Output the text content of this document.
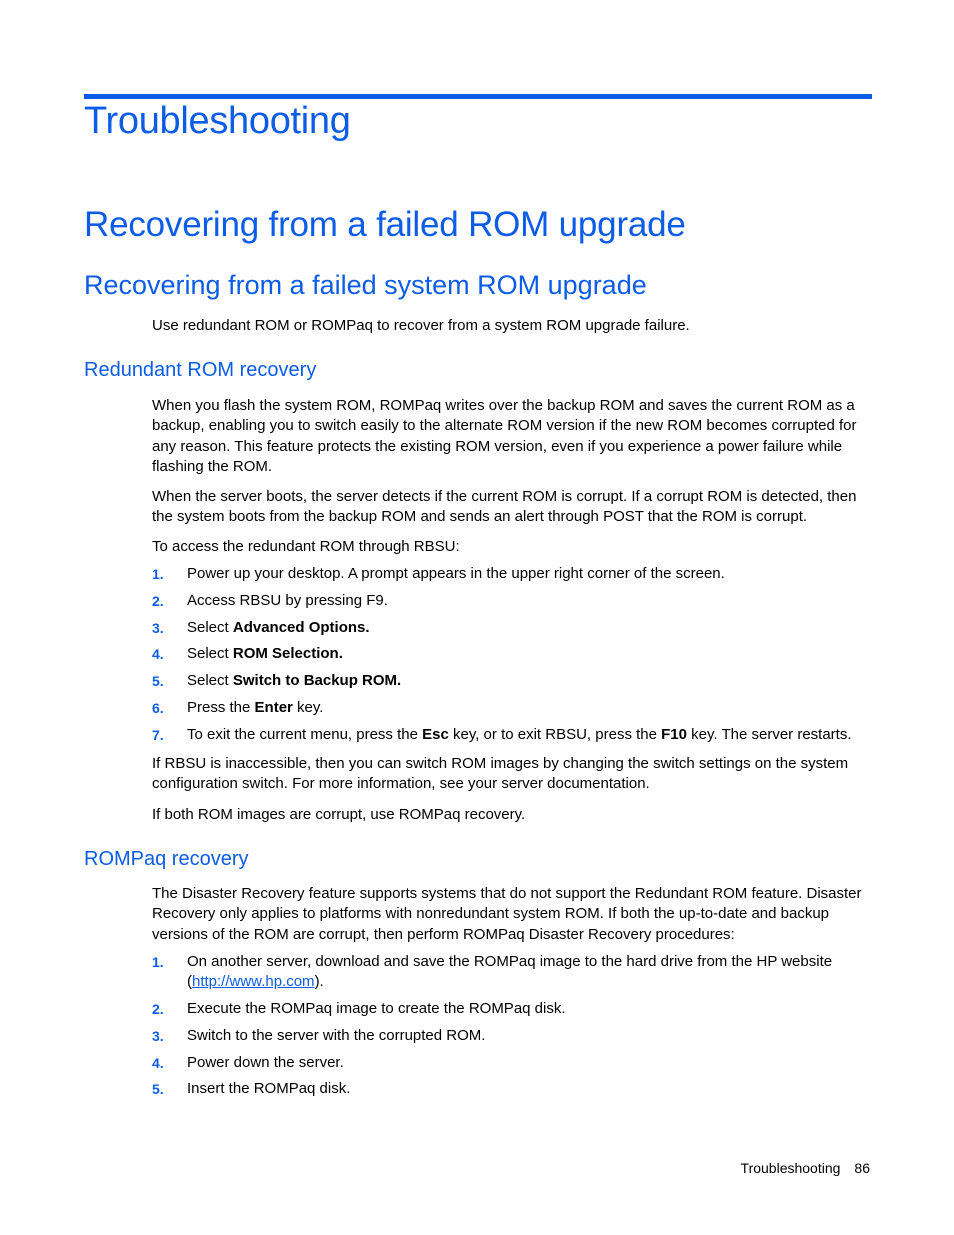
Troubleshooting
Recovering from a failed ROM upgrade
Recovering from a failed system ROM upgrade

Use redundant ROM or ROMPaq to recover from a system ROM upgrade failure.

Redundant ROM recovery

When you flash the system ROM, ROMPaq writes over the backup ROM and saves the current ROM as a backup, enabling you to switch easily to the alternate ROM version if the new ROM becomes corrupted for any reason. This feature protects the existing ROM version, even if you experience a power failure while flashing the ROM.

When the server boots, the server detects if the current ROM is corrupt. If a corrupt ROM is detected, then the system boots from the backup ROM and sends an alert through POST that the ROM is corrupt.

To access the redundant ROM through RBSU:

1. Power up your desktop. A prompt appears in the upper right corner of the screen.
2. Access RBSU by pressing F9.
3. Select Advanced Options.
4. Select ROM Selection.
5. Select Switch to Backup ROM.
6. Press the Enter key.
7. To exit the current menu, press the Esc key, or to exit RBSU, press the F10 key. The server restarts.

If RBSU is inaccessible, then you can switch ROM images by changing the switch settings on the system configuration switch. For more information, see your server documentation.

If both ROM images are corrupt, use ROMPaq recovery.

ROMPaq recovery

The Disaster Recovery feature supports systems that do not support the Redundant ROM feature. Disaster Recovery only applies to platforms with nonredundant system ROM. If both the up-to-date and backup versions of the ROM are corrupt, then perform ROMPaq Disaster Recovery procedures:

1. On another server, download and save the ROMPaq image to the hard drive from the HP website (http://www.hp.com).
2. Execute the ROMPaq image to create the ROMPaq disk.
3. Switch to the server with the corrupted ROM.
4. Power down the server.
5. Insert the ROMPaq disk.
Troubleshooting 86
